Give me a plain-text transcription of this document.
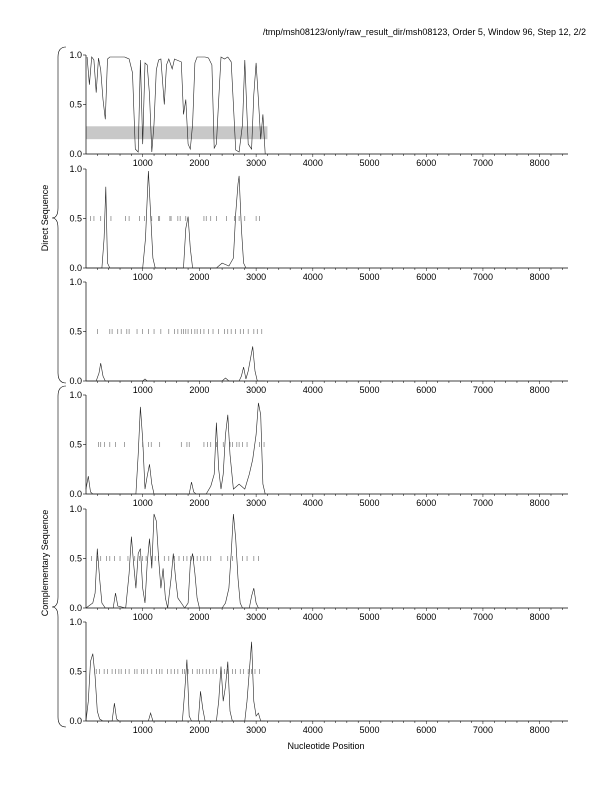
/tmp/msh08123/only/raw_result_dir/msh08123, Order 5, Window 96, Step 12, 2/2
0.0
0.5
1.0
1000	2000	3000	4000	5000	6000	7000	8000
0.0
0.5
1.0
1000	2000	3000	4000	5000	6000	7000	8000
0.0
0.5
1.0
1000	2000	3000	4000	5000	6000	7000	8000
0.0
0.5
1.0
1000	2000	3000	4000	5000	6000	7000	8000
0.0
0.5
1.0
1000	2000	3000	4000	5000	6000	7000	8000
0.0
0.5
1.0
1000	2000	3000	4000	5000	6000	7000	8000
Direct Sequence
Complementary Sequence
Nucleotide Position
